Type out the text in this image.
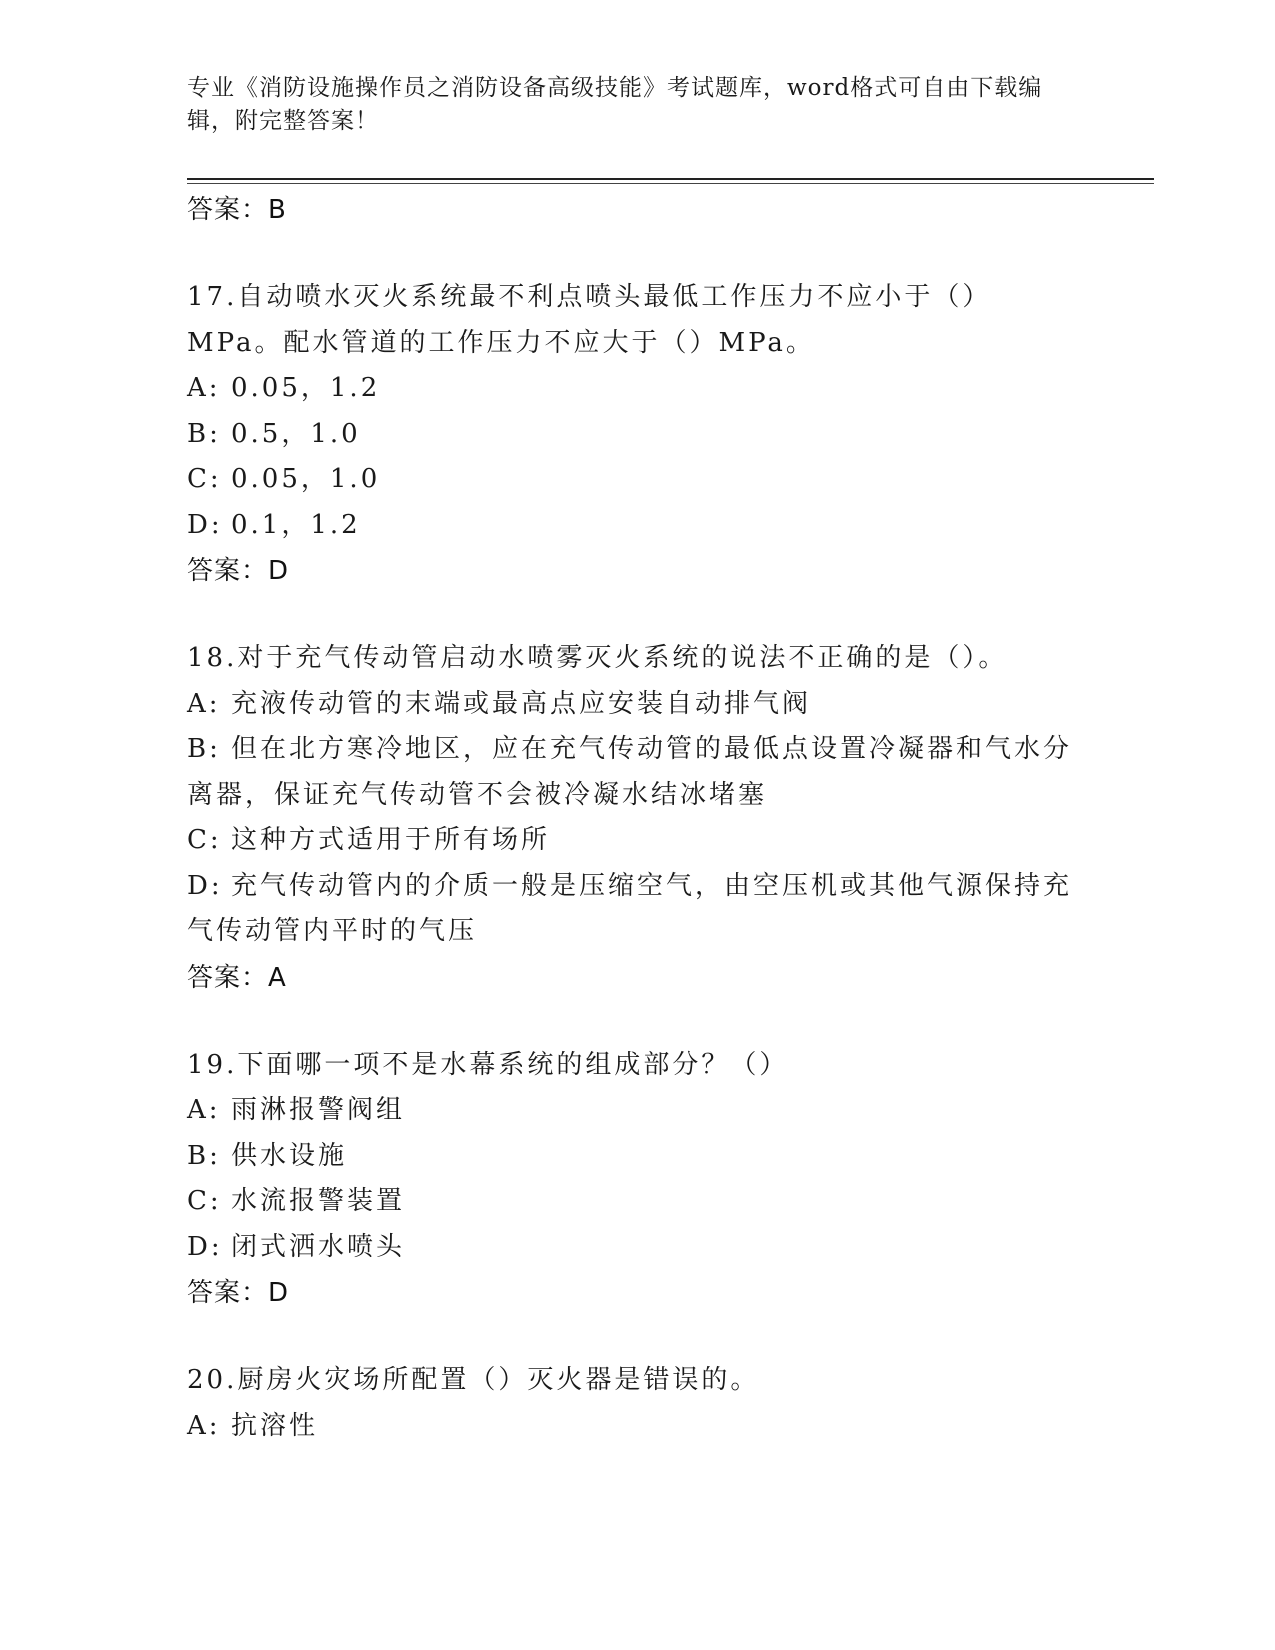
专业《消防设施操作员之消防设备高级技能》考试题库，word格式可自由下载编辑，附完整答案！
答案：B
17.自动喷水灭火系统最不利点喷头最低工作压力不应小于（）MPa。配水管道的工作压力不应大于（）MPa。
A: 0.05，1.2
B: 0.5，1.0
C: 0.05，1.0
D: 0.1，1.2
答案：D
18.对于充气传动管启动水喷雾灭火系统的说法不正确的是（）。
A: 充液传动管的末端或最高点应安装自动排气阀
B: 但在北方寒冷地区，应在充气传动管的最低点设置冷凝器和气水分离器，保证充气传动管不会被冷凝水结冰堵塞
C: 这种方式适用于所有场所
D: 充气传动管内的介质一般是压缩空气，由空压机或其他气源保持充气传动管内平时的气压
答案：A
19.下面哪一项不是水幕系统的组成部分？（）
A: 雨淋报警阀组
B: 供水设施
C: 水流报警装置
D: 闭式洒水喷头
答案：D
20.厨房火灾场所配置（）灭火器是错误的。
A: 抗溶性
